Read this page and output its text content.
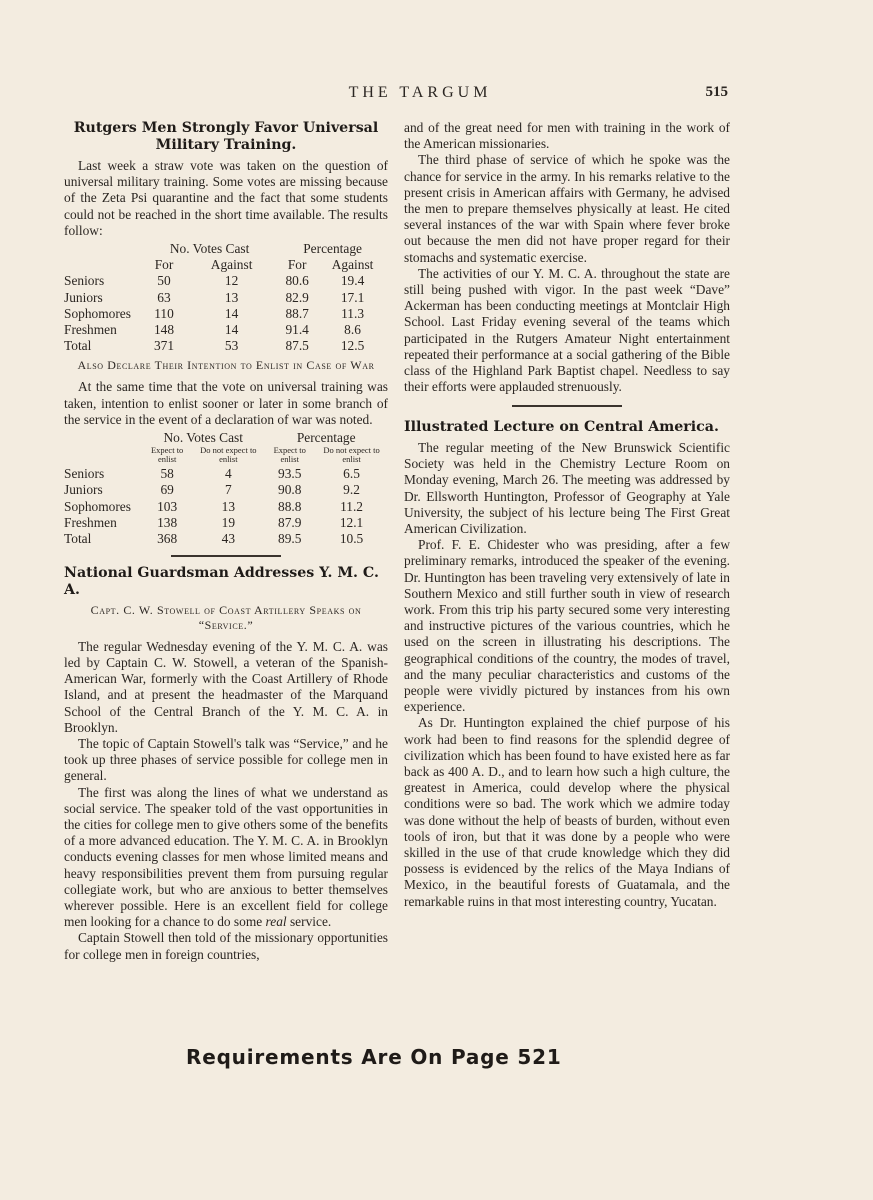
THE TARGUM	515
Rutgers Men Strongly Favor Universal Military Training.

Last week a straw vote was taken on the question of universal military training. Some votes are missing because of the Zeta Psi quarantine and the fact that some students could not be reached in the short time available. The results follow:

	No. Votes Cast		Percentage	
	For	Against	For	Against
Seniors	50	12	80.6	19.4
Juniors	63	13	82.9	17.1
Sophomores	110	14	88.7	11.3
Freshmen	148	14	91.4	8.6
Total	371	53	87.5	12.5
Also Declare Their Intention to Enlist in Case of War

At the same time that the vote on universal training was taken, intention to enlist sooner or later in some branch of the service in the event of a declaration of war was noted.

	No. Votes Cast		Percentage	
	Expect to enlist	Do not expect to enlist	Expect to enlist	Do not expect to enlist
Seniors	58	4	93.5	6.5
Juniors	69	7	90.8	9.2
Sophomores	103	13	88.8	11.2
Freshmen	138	19	87.9	12.1
Total	368	43	89.5	10.5
National Guardsman Addresses Y. M. C. A.
Capt. C. W. Stowell of Coast Artillery Speaks on “Service.”

The regular Wednesday evening of the Y. M. C. A. was led by Captain C. W. Stowell, a veteran of the Spanish-American War, formerly with the Coast Artillery of Rhode Island, and at present the headmaster of the Marquand School of the Central Branch of the Y. M. C. A. in Brooklyn.

The topic of Captain Stowell's talk was “Service,” and he took up three phases of service possible for college men in general.

The first was along the lines of what we understand as social service. The speaker told of the vast opportunities in the cities for college men to give others some of the benefits of a more advanced education. The Y. M. C. A. in Brooklyn conducts evening classes for men whose limited means and heavy responsibilities prevent them from pursuing regular collegiate work, but who are anxious to better themselves wherever possible. Here is an excellent field for college men looking for a chance to do some real service.

Captain Stowell then told of the missionary opportunities for college men in foreign countries,

and of the great need for men with training in the work of the American missionaries.

The third phase of service of which he spoke was the chance for service in the army. In his remarks relative to the present crisis in American affairs with Germany, he advised the men to prepare themselves physically at least. He cited several instances of the war with Spain where fever broke out because the men did not have proper regard for their stomachs and systematic exercise.

The activities of our Y. M. C. A. throughout the state are still being pushed with vigor. In the past week “Dave” Ackerman has been conducting meetings at Montclair High School. Last Friday evening several of the teams which participated in the Rutgers Amateur Night entertainment repeated their performance at a social gathering of the Bible class of the Highland Park Baptist chapel. Needless to say their efforts were applauded strenuously.

Illustrated Lecture on Central America.

The regular meeting of the New Brunswick Scientific Society was held in the Chemistry Lecture Room on Monday evening, March 26. The meeting was addressed by Dr. Ellsworth Huntington, Professor of Geography at Yale University, the subject of his lecture being The First Great American Civilization.

Prof. F. E. Chidester who was presiding, after a few preliminary remarks, introduced the speaker of the evening. Dr. Huntington has been traveling very extensively of late in Southern Mexico and still further south in view of research work. From this trip his party secured some very interesting and instructive pictures of the various countries, which he used on the screen in illustrating his descriptions. The geographical conditions of the country, the modes of travel, and the many peculiar characteristics and customs of the people were vividly pictured by instances from his own experience.

As Dr. Huntington explained the chief purpose of his work had been to find reasons for the splendid degree of civilization which has been found to have existed here as far back as 400 A. D., and to learn how such a high culture, the greatest in America, could develop where the physical conditions were so bad. The work which we admire today was done without the help of beasts of burden, without even tools of iron, but that it was done by a people who were skilled in the use of that crude knowledge which they did possess is evidenced by the relics of the Maya Indians of Mexico, in the beautiful forests of Guatamala, and the remarkable ruins in that most interesting country, Yucatan.

Requirements Are On Page 521
